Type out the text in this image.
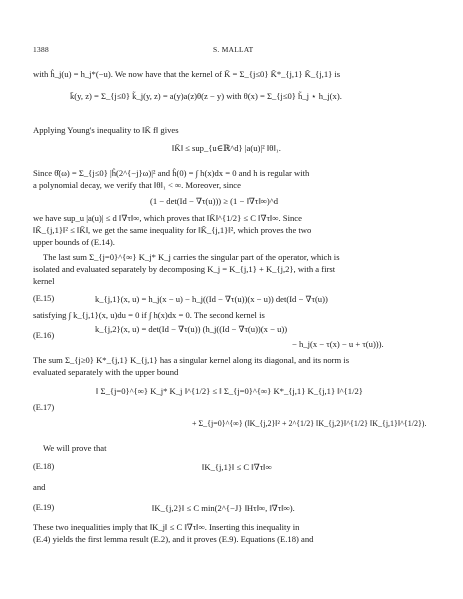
1388	S. MALLAT
with ĥ_j(u) = h_j*(−u). We now have that the kernel of K̄ = Σ_{j≤0} K̃*_{j,1} K̃_{j,1} is
k̄(y, z) = Σ_{j≤0} k̃_j(y, z) = a(y)a(z)θ(z − y) with θ(x) = Σ_{j≤0} h̃_j ⋆ h_j(x).
Applying Young's inequality to ‖K̄ f‖ gives
‖K̄‖ ≤ sup_{u∈ℝ^d} |a(u)|² ‖θ‖₁.
Since θ̂(ω) = Σ_{j≤0} |ĥ(2^{−j}ω)|² and ĥ(0) = ∫ h(x)dx = 0 and h is regular with
a polynomial decay, we verify that ‖θ‖₁ < ∞. Moreover, since
(1 − det(Id − ∇τ(u))) ≥ (1 − ‖∇τ‖∞)^d
we have sup_u |a(u)| ≤ d ‖∇τ‖∞, which proves that ‖K̄‖^{1/2} ≤ C ‖∇τ‖∞. Since
‖K̃_{j,1}‖² ≤ ‖K̄‖, we get the same inequality for ‖K̃_{j,1}‖², which proves the two
upper bounds of (E.14).
The last sum Σ_{j=0}^{∞} K_j* K_j carries the singular part of the operator, which is
isolated and evaluated separately by decomposing K_j = K_{j,1} + K_{j,2}, with a first
kernel
(E.15)	k_{j,1}(x, u) = h_j(x − u) − h_j((Id − ∇τ(u))(x − u)) det(Id − ∇τ(u))
satisfying ∫ k_{j,1}(x, u)du = 0 if ∫ h(x)dx = 0. The second kernel is
(E.16)
k_{j,2}(x, u) = det(Id − ∇τ(u)) (h_j((Id − ∇τ(u))(x − u))
− h_j(x − τ(x) − u + τ(u))).
The sum Σ_{j≥0} K*_{j,1} K_{j,1} has a singular kernel along its diagonal, and its norm is
evaluated separately with the upper bound
‖ Σ_{j=0}^{∞} K_j* K_j ‖^{1/2} ≤ ‖ Σ_{j=0}^{∞} K*_{j,1} K_{j,1} ‖^{1/2}
(E.17)
+ Σ_{j=0}^{∞} (‖K_{j,2}‖² + 2^{1/2} ‖K_{j,2}‖^{1/2} ‖K_{j,1}‖^{1/2}).
We will prove that
(E.18)	‖K_{j,1}‖ ≤ C ‖∇τ‖∞
and
(E.19)	‖K_{j,2}‖ ≤ C min(2^{−J} ‖Hτ‖∞, ‖∇τ‖∞).
These two inequalities imply that ‖K_j‖ ≤ C ‖∇τ‖∞. Inserting this inequality in
(E.4) yields the first lemma result (E.2), and it proves (E.9). Equations (E.18) and
